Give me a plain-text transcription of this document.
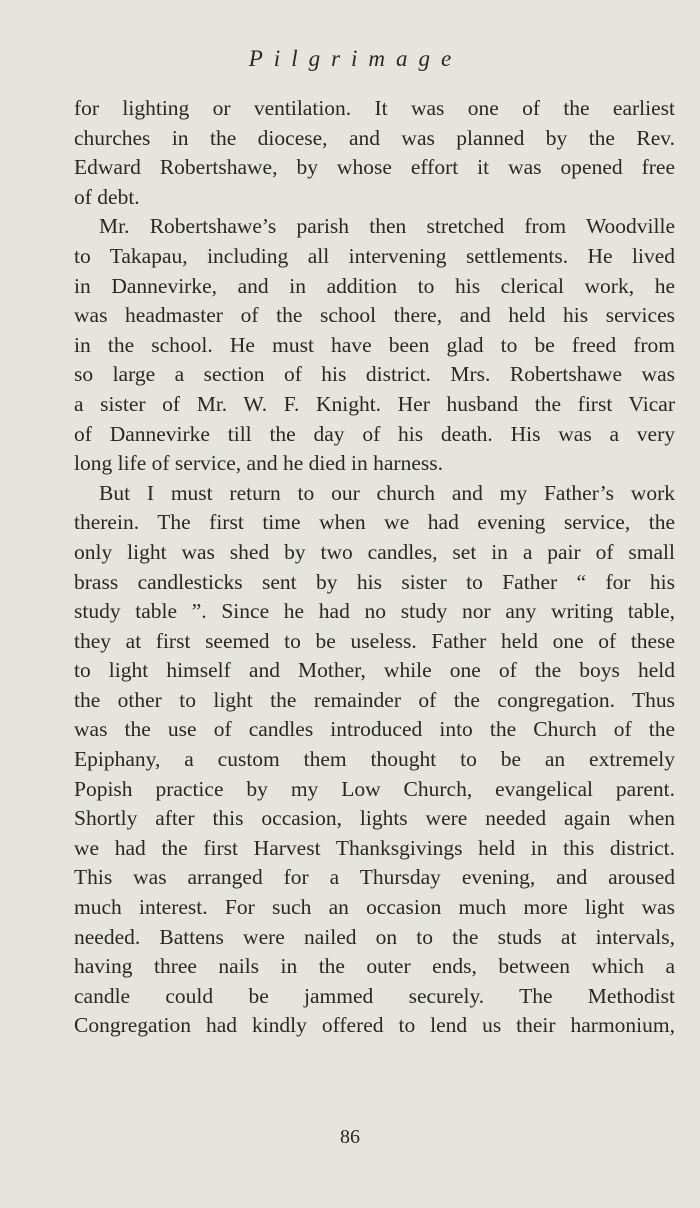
Pilgrimage
for lighting or ventilation. It was one of the earliest
churches in the diocese, and was planned by the Rev.
Edward Robertshawe, by whose effort it was opened free
of debt.
Mr. Robertshawe’s parish then stretched from Woodville
to Takapau, including all intervening settlements. He lived
in Dannevirke, and in addition to his clerical work, he
was headmaster of the school there, and held his services
in the school. He must have been glad to be freed from
so large a section of his district. Mrs. Robertshawe was
a sister of Mr. W. F. Knight. Her husband the first Vicar
of Dannevirke till the day of his death. His was a very
long life of service, and he died in harness.
But I must return to our church and my Father’s work
therein. The first time when we had evening service, the
only light was shed by two candles, set in a pair of small
brass candlesticks sent by his sister to Father “ for his
study table ”. Since he had no study nor any writing table,
they at first seemed to be useless. Father held one of these
to light himself and Mother, while one of the boys held
the other to light the remainder of the congregation. Thus
was the use of candles introduced into the Church of the
Epiphany, a custom them thought to be an extremely
Popish practice by my Low Church, evangelical parent.
Shortly after this occasion, lights were needed again when
we had the first Harvest Thanksgivings held in this district.
This was arranged for a Thursday evening, and aroused
much interest. For such an occasion much more light was
needed. Battens were nailed on to the studs at intervals,
having three nails in the outer ends, between which a
candle could be jammed securely. The Methodist
Congregation had kindly offered to lend us their harmonium,
86
